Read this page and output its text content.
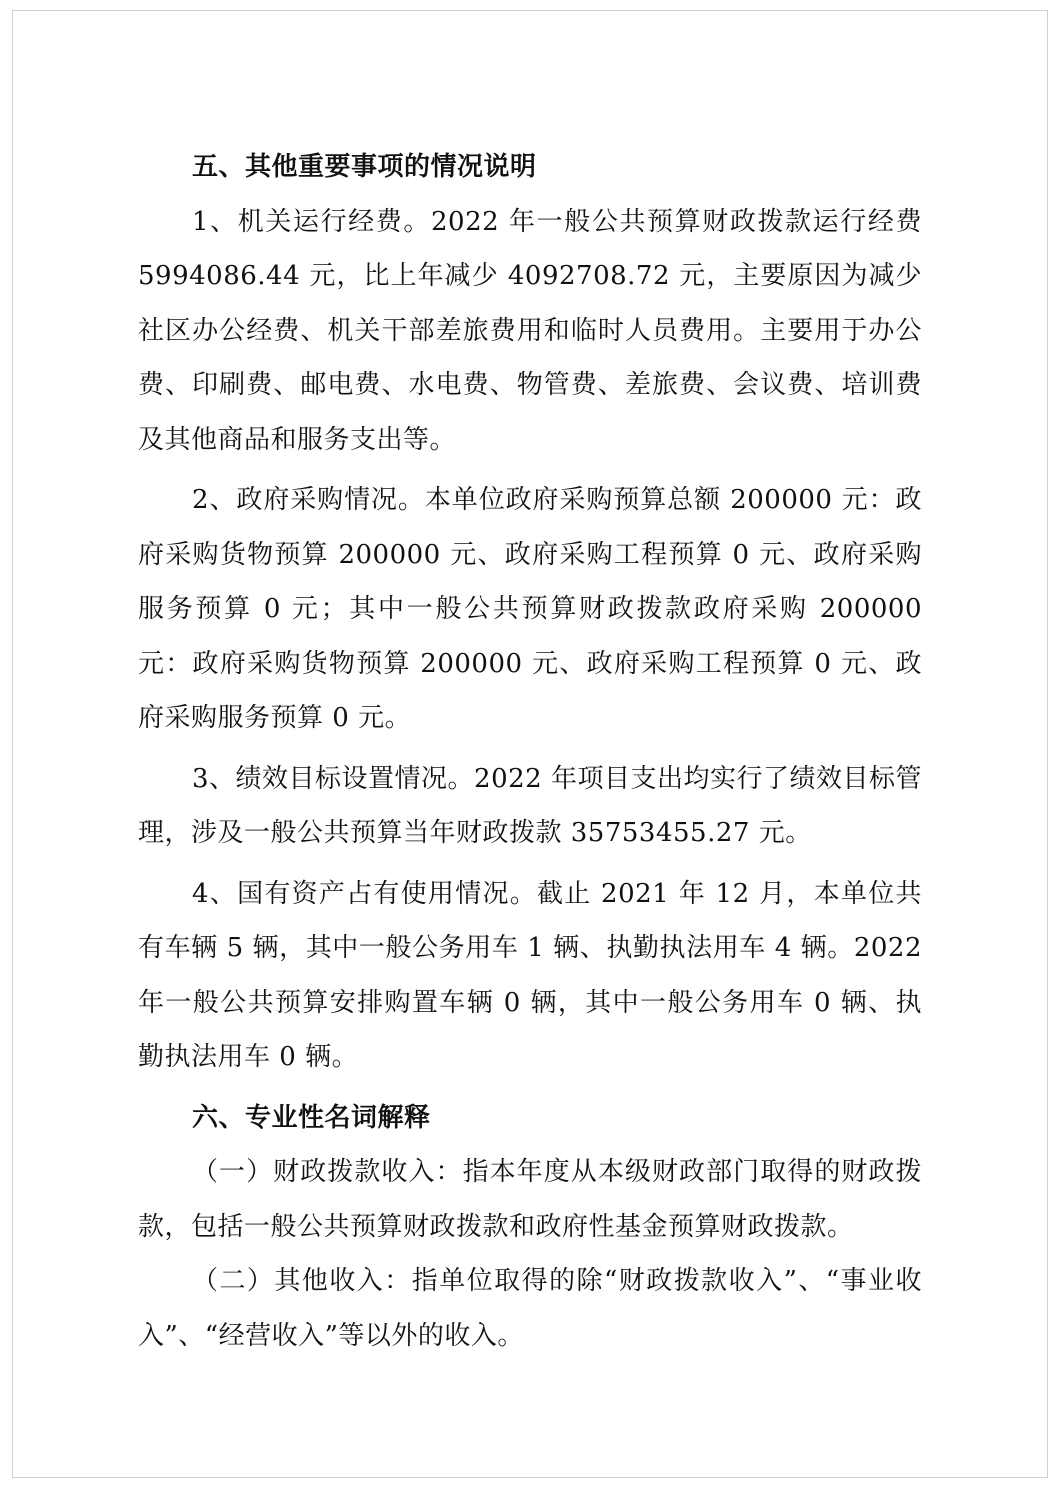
五、其他重要事项的情况说明

1、机关运行经费。2022 年一般公共预算财政拨款运行经费 5994086.44 元，比上年减少 4092708.72 元，主要原因为减少社区办公经费、机关干部差旅费用和临时人员费用。主要用于办公费、印刷费、邮电费、水电费、物管费、差旅费、会议费、培训费及其他商品和服务支出等。

2、政府采购情况。本单位政府采购预算总额 200000 元：政府采购货物预算 200000 元、政府采购工程预算 0 元、政府采购服务预算 0 元；其中一般公共预算财政拨款政府采购 200000 元：政府采购货物预算 200000 元、政府采购工程预算 0 元、政府采购服务预算 0 元。

3、绩效目标设置情况。2022 年项目支出均实行了绩效目标管理，涉及一般公共预算当年财政拨款 35753455.27 元。

4、国有资产占有使用情况。截止 2021 年 12 月，本单位共有车辆 5 辆，其中一般公务用车 1 辆、执勤执法用车 4 辆。2022 年一般公共预算安排购置车辆 0 辆，其中一般公务用车 0 辆、执勤执法用车 0 辆。

六、专业性名词解释

（一）财政拨款收入：指本年度从本级财政部门取得的财政拨款，包括一般公共预算财政拨款和政府性基金预算财政拨款。

（二）其他收入：指单位取得的除“财政拨款收入”、“事业收入”、“经营收入”等以外的收入。
